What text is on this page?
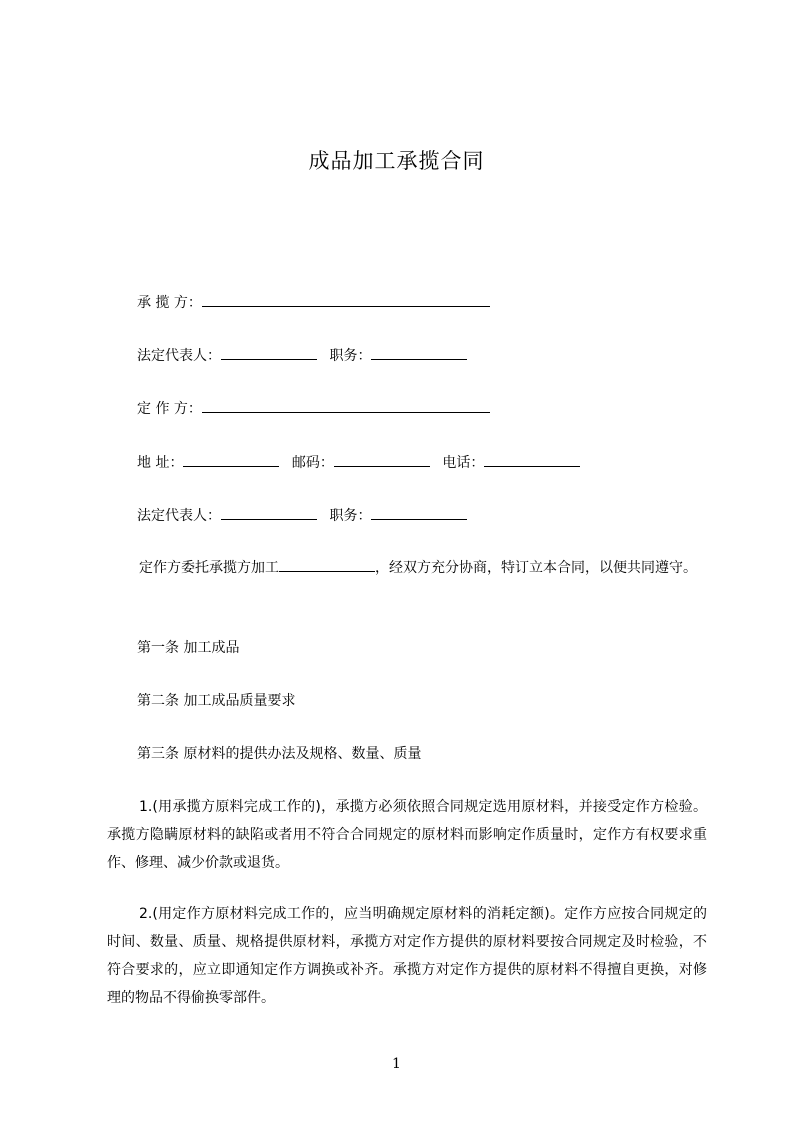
成品加工承揽合同
承 揽 方：
法定代表人：	职务：
定 作 方：
地 址：	邮码：	电话：
法定代表人：	职务：
定作方委托承揽方加工	，经双方充分协商，特订立本合同，以便共同遵守。
第一条 加工成品
第二条 加工成品质量要求
第三条 原材料的提供办法及规格、数量、质量
1.(用承揽方原料完成工作的)，承揽方必须依照合同规定选用原材料，并接受定作方检验。承揽方隐瞒原材料的缺陷或者用不符合合同规定的原材料而影响定作质量时，定作方有权要求重作、修理、减少价款或退货。
2.(用定作方原材料完成工作的，应当明确规定原材料的消耗定额)。定作方应按合同规定的时间、数量、质量、规格提供原材料，承揽方对定作方提供的原材料要按合同规定及时检验，不符合要求的，应立即通知定作方调换或补齐。承揽方对定作方提供的原材料不得擅自更换，对修理的物品不得偷换零部件。
1
